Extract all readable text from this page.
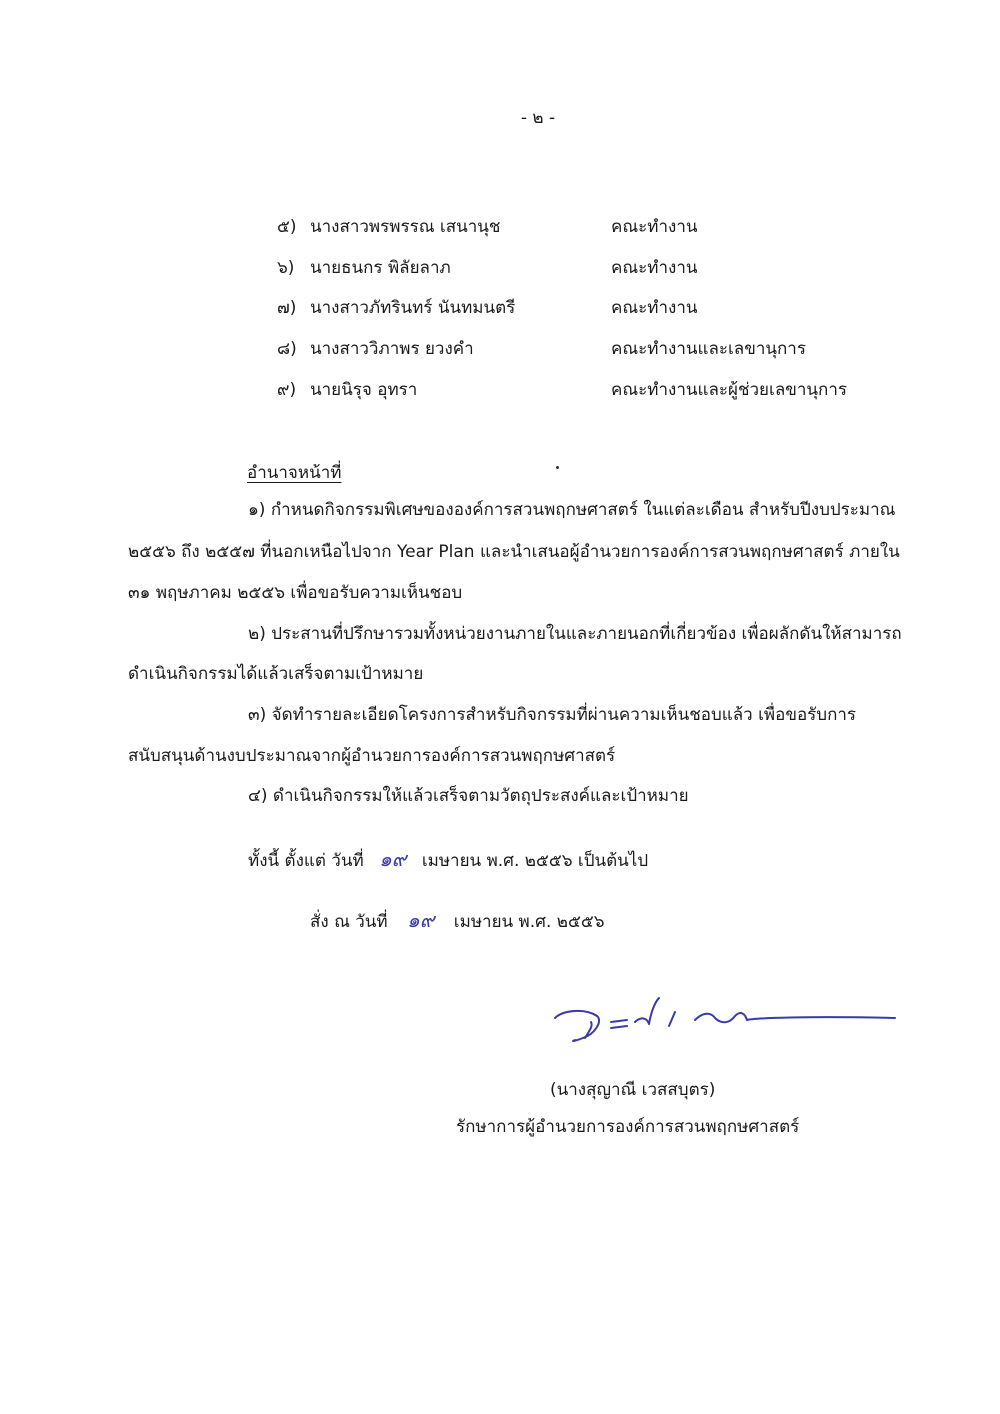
- ๒ -
๕) นางสาวพรพรรณ เสนานุช	คณะทำงาน
๖) นายธนกร พิลัยลาภ	คณะทำงาน
๗) นางสาวภัทรินทร์ นันทมนตรี	คณะทำงาน
๘) นางสาววิภาพร ยวงคำ	คณะทำงานและเลขานุการ
๙) นายนิรุจ อุทรา	คณะทำงานและผู้ช่วยเลขานุการ
อำนาจหน้าที่
๑) กำหนดกิจกรรมพิเศษขององค์การสวนพฤกษศาสตร์ ในแต่ละเดือน สำหรับปีงบประมาณ
๒๕๕๖ ถึง ๒๕๕๗ ที่นอกเหนือไปจาก Year Plan และนำเสนอผู้อำนวยการองค์การสวนพฤกษศาสตร์ ภายใน
๓๑ พฤษภาคม ๒๕๕๖ เพื่อขอรับความเห็นชอบ
๒) ประสานที่ปรึกษารวมทั้งหน่วยงานภายในและภายนอกที่เกี่ยวข้อง เพื่อผลักดันให้สามารถ
ดำเนินกิจกรรมได้แล้วเสร็จตามเป้าหมาย
๓) จัดทำรายละเอียดโครงการสำหรับกิจกรรมที่ผ่านความเห็นชอบแล้ว เพื่อขอรับการ
สนับสนุนด้านงบประมาณจากผู้อำนวยการองค์การสวนพฤกษศาสตร์
๔) ดำเนินกิจกรรมให้แล้วเสร็จตามวัตถุประสงค์และเป้าหมาย
ทั้งนี้ ตั้งแต่ วันที่ ๑๙ เมษายน พ.ศ. ๒๕๕๖ เป็นต้นไป
สั่ง ณ วันที่ ๑๙ เมษายน พ.ศ. ๒๕๕๖
(นางสุญาณี เวสสบุตร)
รักษาการผู้อำนวยการองค์การสวนพฤกษศาสตร์
